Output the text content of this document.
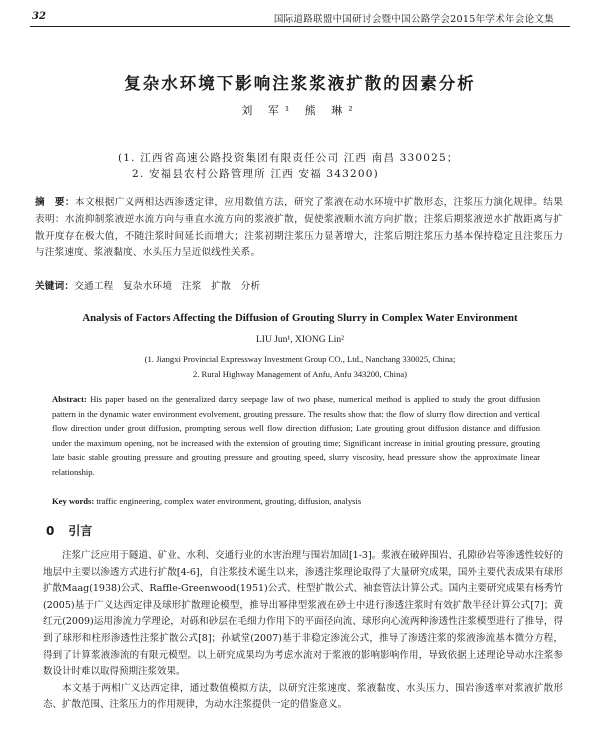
32	国际道路联盟中国研讨会暨中国公路学会2015年学术年会论文集
复杂水环境下影响注浆浆液扩散的因素分析
刘 军¹ 熊 琳²
(1. 江西省高速公路投资集团有限责任公司 江西 南昌 330025；
2. 安福县农村公路管理所 江西 安福 343200)
摘　要：本文根据广义两相达西渗透定律，应用数值方法，研究了浆液在动水环境中扩散形态，注浆压力演化规律。结果表明：水流抑制浆液逆水流方向与垂直水流方向的浆液扩散，促使浆液顺水流方向扩散；注浆后期浆液逆水扩散距离与扩散开度存在极大值，不随注浆时间延长而增大；注浆初期注浆压力显著增大，注浆后期注浆压力基本保持稳定且注浆压力与注浆速度、浆液黏度、水头压力呈近似线性关系。
关键词：交通工程　复杂水环境　注浆　扩散　分析
Analysis of Factors Affecting the Diffusion of Grouting Slurry in Complex Water Environment
LIU Jun¹, XIONG Lin²
(1. Jiangxi Provincial Expressway Investment Group CO., Ltd., Nanchang 330025, China;
2. Rural Highway Management of Anfu, Anfu 343200, China)
Abstract: His paper based on the generalized darcy seepage law of two phase, numerical method is applied to study the grout diffusion pattern in the dynamic water environment evolvement, grouting pressure. The results show that: the flow of slurry flow direction and vertical flow direction under grout diffusion, prompting serous well flow direction diffusion; Late grouting grout diffusion distance and diffusion under the maximum opening, not be increased with the extension of grouting time; Significant increase in initial grouting pressure, grouting late basic stable grouting pressure and grouting pressure and grouting speed, slurry viscosity, head pressure show the approximate linear relationship.
Key words: traffic engineering, complex water environment, grouting, diffusion, analysis
0 引言

注浆广泛应用于隧道、矿业、水利、交通行业的水害治理与围岩加固[1-3]。浆液在破碎围岩、孔隙砂岩等渗透性较好的地层中主要以渗透方式进行扩散[4-6]，自注浆技术诞生以来，渗透注浆理论取得了大量研究成果，国外主要代表成果有球形扩散Maag(1938)公式、Raffle-Greenwood(1951)公式、柱型扩散公式、袖套管法计算公式。国内主要研究成果有杨秀竹(2005)基于广义达西定律及球形扩散理论模型，推导出幂律型浆液在砂土中进行渗透注浆时有效扩散半径计算公式[7]；黄红元(2009)运用渗流力学理论，对砾和砂层在毛细力作用下的平面径向流、球形向心流两种渗透性注浆模型进行了推导，得到了球形和柱形渗透性注浆扩散公式[8]；孙斌堂(2007)基于非稳定渗流公式，推导了渗透注浆的浆液渗流基本微分方程，得到了计算浆液渗流的有限元模型。以上研究成果均为考虑水流对于浆液的影响影响作用，导致依据上述理论导动水注浆参数设计时难以取得预期注浆效果。

本文基于两相广义达西定律，通过数值模拟方法，以研究注浆速度、浆液黏度、水头压力、围岩渗透率对浆液扩散形态、扩散范围、注浆压力的作用规律，为动水注浆提供一定的借鉴意义。
